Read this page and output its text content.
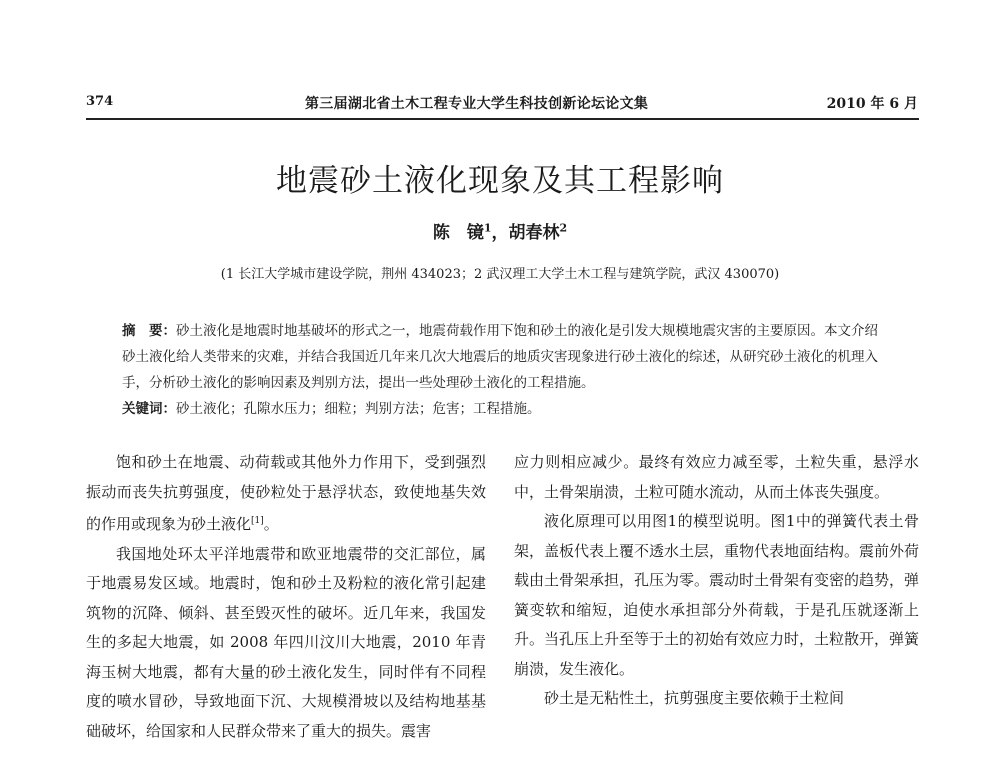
374	第三届湖北省土木工程专业大学生科技创新论坛论文集	2010 年 6 月
地震砂土液化现象及其工程影响
陈　镜$^1$，胡春林$^2$
(1 长江大学城市建设学院，荆州 434023；2 武汉理工大学土木工程与建筑学院，武汉 430070)
摘　要：砂土液化是地震时地基破坏的形式之一，地震荷载作用下饱和砂土的液化是引发大规模地震灾害的主要原因。本文介绍砂土液化给人类带来的灾难，并结合我国近几年来几次大地震后的地质灾害现象进行砂土液化的综述，从研究砂土液化的机理入手，分析砂土液化的影响因素及判别方法，提出一些处理砂土液化的工程措施。
关键词：砂土液化；孔隙水压力；细粒；判别方法；危害；工程措施。

饱和砂土在地震、动荷载或其他外力作用下，受到强烈振动而丧失抗剪强度，使砂粒处于悬浮状态，致使地基失效的作用或现象为砂土液化[1]。

我国地处环太平洋地震带和欧亚地震带的交汇部位，属于地震易发区域。地震时，饱和砂土及粉粒的液化常引起建筑物的沉降、倾斜、甚至毁灭性的破坏。近几年来，我国发生的多起大地震，如 2008 年四川汶川大地震，2010 年青海玉树大地震，都有大量的砂土液化发生，同时伴有不同程度的喷水冒砂，导致地面下沉、大规模滑坡以及结构地基基础破坏，给国家和人民群众带来了重大的损失。震害

应力则相应减少。最终有效应力减至零，土粒失重，悬浮水中，土骨架崩溃，土粒可随水流动，从而土体丧失强度。

液化原理可以用图1的模型说明。图1中的弹簧代表土骨架，盖板代表上覆不透水土层，重物代表地面结构。震前外荷载由土骨架承担，孔压为零。震动时土骨架有变密的趋势，弹簧变软和缩短，迫使水承担部分外荷载，于是孔压就逐渐上升。当孔压上升至等于土的初始有效应力时，土粒散开，弹簧崩溃，发生液化。

砂土是无粘性土，抗剪强度主要依赖于土粒间
